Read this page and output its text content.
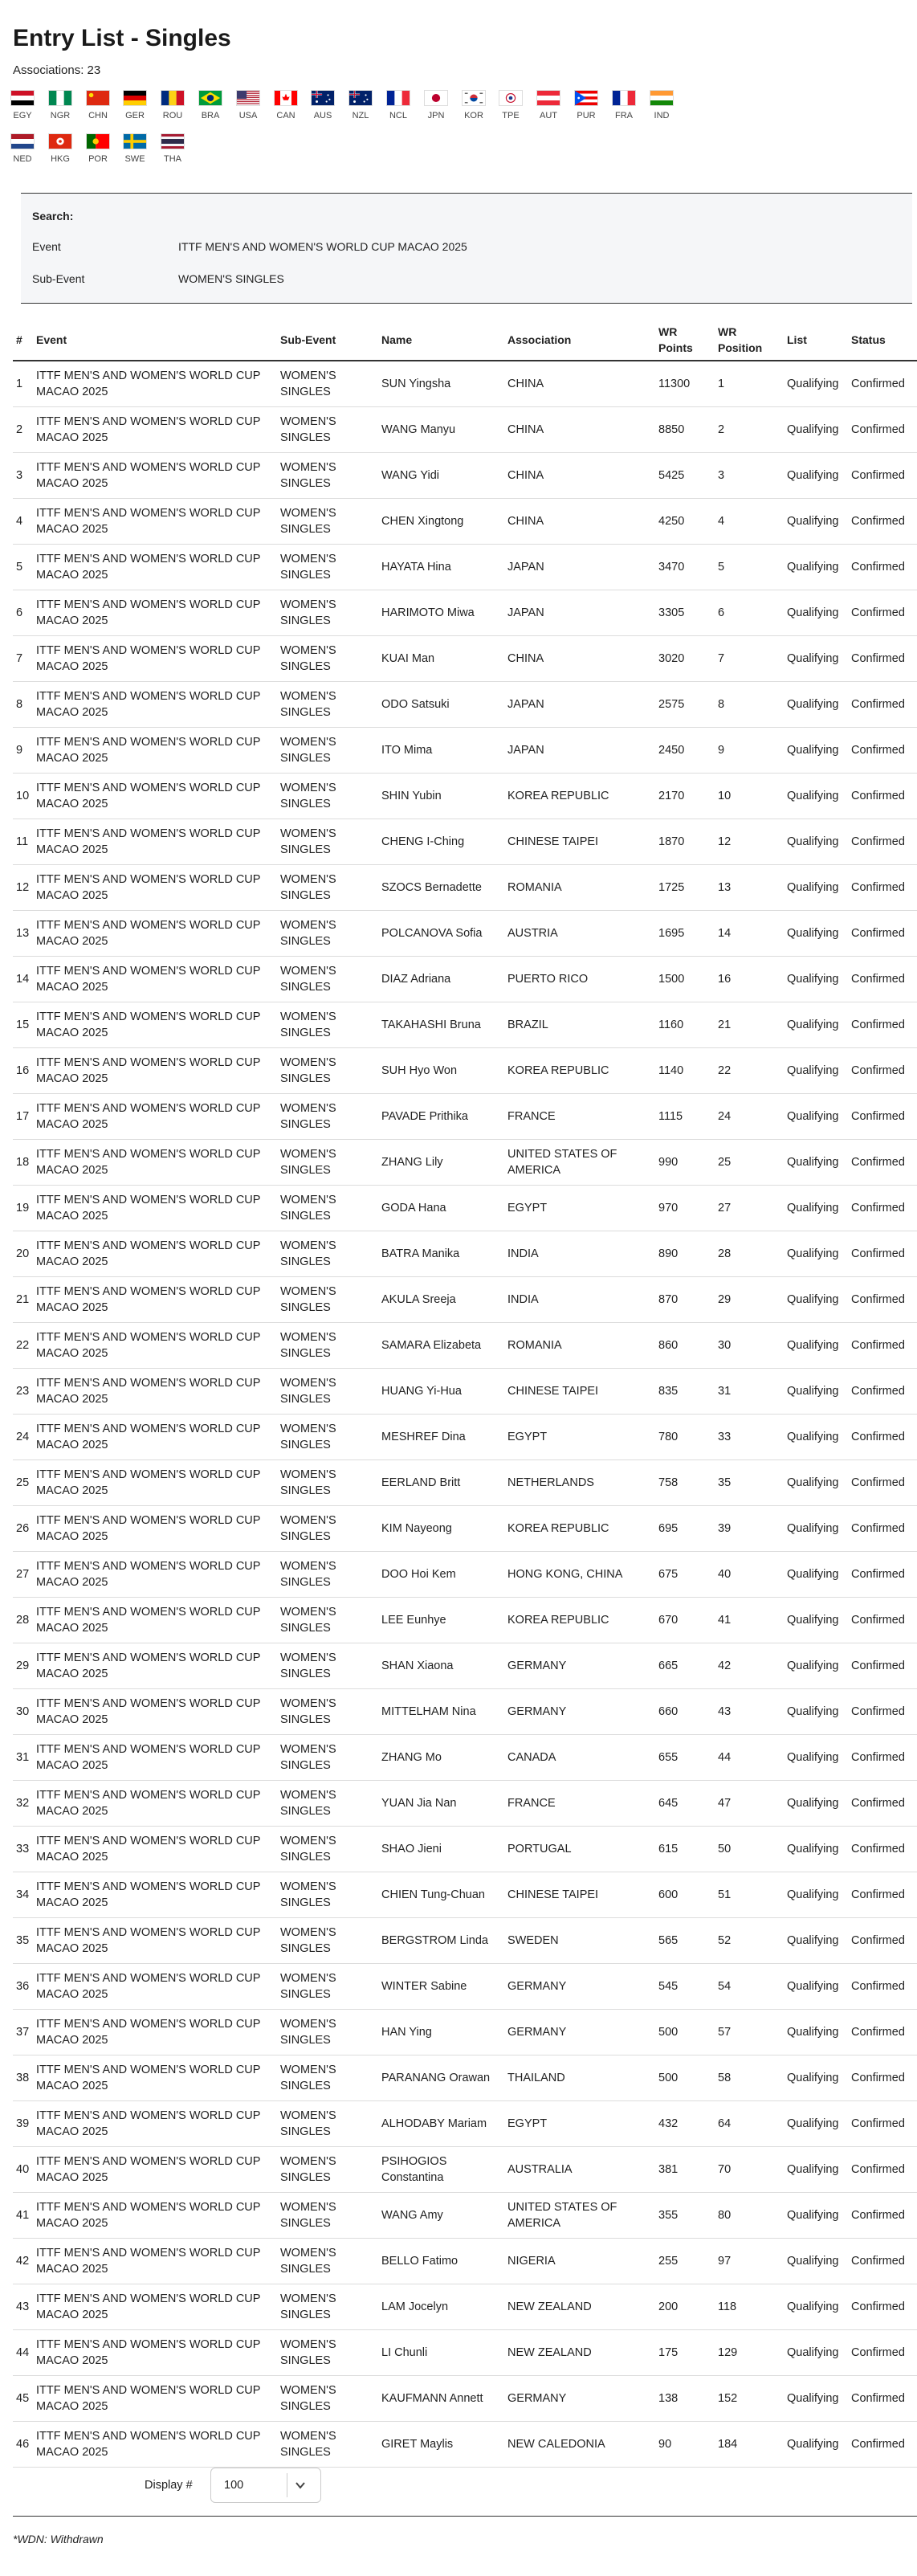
Entry List - Singles
Associations: 23
EGY	NGR	CHN	GER	ROU	BRA	USA	CAN	AUS	NZL	NCL	JPN	KOR	TPE	AUT	PUR	FRA	IND
NED	HKG	POR	SWE	THA
Search:
Event	ITTF MEN'S AND WOMEN'S WORLD CUP MACAO 2025
Sub-Event	WOMEN'S SINGLES
#	Event	Sub-Event	Name	Association	WR Points	WR Position	List	Status
1	ITTF MEN'S AND WOMEN'S WORLD CUP MACAO 2025	WOMEN'S SINGLES	SUN Yingsha	CHINA	11300	1	Qualifying	Confirmed
2	ITTF MEN'S AND WOMEN'S WORLD CUP MACAO 2025	WOMEN'S SINGLES	WANG Manyu	CHINA	8850	2	Qualifying	Confirmed
3	ITTF MEN'S AND WOMEN'S WORLD CUP MACAO 2025	WOMEN'S SINGLES	WANG Yidi	CHINA	5425	3	Qualifying	Confirmed
4	ITTF MEN'S AND WOMEN'S WORLD CUP MACAO 2025	WOMEN'S SINGLES	CHEN Xingtong	CHINA	4250	4	Qualifying	Confirmed
5	ITTF MEN'S AND WOMEN'S WORLD CUP MACAO 2025	WOMEN'S SINGLES	HAYATA Hina	JAPAN	3470	5	Qualifying	Confirmed
6	ITTF MEN'S AND WOMEN'S WORLD CUP MACAO 2025	WOMEN'S SINGLES	HARIMOTO Miwa	JAPAN	3305	6	Qualifying	Confirmed
7	ITTF MEN'S AND WOMEN'S WORLD CUP MACAO 2025	WOMEN'S SINGLES	KUAI Man	CHINA	3020	7	Qualifying	Confirmed
8	ITTF MEN'S AND WOMEN'S WORLD CUP MACAO 2025	WOMEN'S SINGLES	ODO Satsuki	JAPAN	2575	8	Qualifying	Confirmed
9	ITTF MEN'S AND WOMEN'S WORLD CUP MACAO 2025	WOMEN'S SINGLES	ITO Mima	JAPAN	2450	9	Qualifying	Confirmed
10	ITTF MEN'S AND WOMEN'S WORLD CUP MACAO 2025	WOMEN'S SINGLES	SHIN Yubin	KOREA REPUBLIC	2170	10	Qualifying	Confirmed
11	ITTF MEN'S AND WOMEN'S WORLD CUP MACAO 2025	WOMEN'S SINGLES	CHENG I-Ching	CHINESE TAIPEI	1870	12	Qualifying	Confirmed
12	ITTF MEN'S AND WOMEN'S WORLD CUP MACAO 2025	WOMEN'S SINGLES	SZOCS Bernadette	ROMANIA	1725	13	Qualifying	Confirmed
13	ITTF MEN'S AND WOMEN'S WORLD CUP MACAO 2025	WOMEN'S SINGLES	POLCANOVA Sofia	AUSTRIA	1695	14	Qualifying	Confirmed
14	ITTF MEN'S AND WOMEN'S WORLD CUP MACAO 2025	WOMEN'S SINGLES	DIAZ Adriana	PUERTO RICO	1500	16	Qualifying	Confirmed
15	ITTF MEN'S AND WOMEN'S WORLD CUP MACAO 2025	WOMEN'S SINGLES	TAKAHASHI Bruna	BRAZIL	1160	21	Qualifying	Confirmed
16	ITTF MEN'S AND WOMEN'S WORLD CUP MACAO 2025	WOMEN'S SINGLES	SUH Hyo Won	KOREA REPUBLIC	1140	22	Qualifying	Confirmed
17	ITTF MEN'S AND WOMEN'S WORLD CUP MACAO 2025	WOMEN'S SINGLES	PAVADE Prithika	FRANCE	1115	24	Qualifying	Confirmed
18	ITTF MEN'S AND WOMEN'S WORLD CUP MACAO 2025	WOMEN'S SINGLES	ZHANG Lily	UNITED STATES OF AMERICA	990	25	Qualifying	Confirmed
19	ITTF MEN'S AND WOMEN'S WORLD CUP MACAO 2025	WOMEN'S SINGLES	GODA Hana	EGYPT	970	27	Qualifying	Confirmed
20	ITTF MEN'S AND WOMEN'S WORLD CUP MACAO 2025	WOMEN'S SINGLES	BATRA Manika	INDIA	890	28	Qualifying	Confirmed
21	ITTF MEN'S AND WOMEN'S WORLD CUP MACAO 2025	WOMEN'S SINGLES	AKULA Sreeja	INDIA	870	29	Qualifying	Confirmed
22	ITTF MEN'S AND WOMEN'S WORLD CUP MACAO 2025	WOMEN'S SINGLES	SAMARA Elizabeta	ROMANIA	860	30	Qualifying	Confirmed
23	ITTF MEN'S AND WOMEN'S WORLD CUP MACAO 2025	WOMEN'S SINGLES	HUANG Yi-Hua	CHINESE TAIPEI	835	31	Qualifying	Confirmed
24	ITTF MEN'S AND WOMEN'S WORLD CUP MACAO 2025	WOMEN'S SINGLES	MESHREF Dina	EGYPT	780	33	Qualifying	Confirmed
25	ITTF MEN'S AND WOMEN'S WORLD CUP MACAO 2025	WOMEN'S SINGLES	EERLAND Britt	NETHERLANDS	758	35	Qualifying	Confirmed
26	ITTF MEN'S AND WOMEN'S WORLD CUP MACAO 2025	WOMEN'S SINGLES	KIM Nayeong	KOREA REPUBLIC	695	39	Qualifying	Confirmed
27	ITTF MEN'S AND WOMEN'S WORLD CUP MACAO 2025	WOMEN'S SINGLES	DOO Hoi Kem	HONG KONG, CHINA	675	40	Qualifying	Confirmed
28	ITTF MEN'S AND WOMEN'S WORLD CUP MACAO 2025	WOMEN'S SINGLES	LEE Eunhye	KOREA REPUBLIC	670	41	Qualifying	Confirmed
29	ITTF MEN'S AND WOMEN'S WORLD CUP MACAO 2025	WOMEN'S SINGLES	SHAN Xiaona	GERMANY	665	42	Qualifying	Confirmed
30	ITTF MEN'S AND WOMEN'S WORLD CUP MACAO 2025	WOMEN'S SINGLES	MITTELHAM Nina	GERMANY	660	43	Qualifying	Confirmed
31	ITTF MEN'S AND WOMEN'S WORLD CUP MACAO 2025	WOMEN'S SINGLES	ZHANG Mo	CANADA	655	44	Qualifying	Confirmed
32	ITTF MEN'S AND WOMEN'S WORLD CUP MACAO 2025	WOMEN'S SINGLES	YUAN Jia Nan	FRANCE	645	47	Qualifying	Confirmed
33	ITTF MEN'S AND WOMEN'S WORLD CUP MACAO 2025	WOMEN'S SINGLES	SHAO Jieni	PORTUGAL	615	50	Qualifying	Confirmed
34	ITTF MEN'S AND WOMEN'S WORLD CUP MACAO 2025	WOMEN'S SINGLES	CHIEN Tung-Chuan	CHINESE TAIPEI	600	51	Qualifying	Confirmed
35	ITTF MEN'S AND WOMEN'S WORLD CUP MACAO 2025	WOMEN'S SINGLES	BERGSTROM Linda	SWEDEN	565	52	Qualifying	Confirmed
36	ITTF MEN'S AND WOMEN'S WORLD CUP MACAO 2025	WOMEN'S SINGLES	WINTER Sabine	GERMANY	545	54	Qualifying	Confirmed
37	ITTF MEN'S AND WOMEN'S WORLD CUP MACAO 2025	WOMEN'S SINGLES	HAN Ying	GERMANY	500	57	Qualifying	Confirmed
38	ITTF MEN'S AND WOMEN'S WORLD CUP MACAO 2025	WOMEN'S SINGLES	PARANANG Orawan	THAILAND	500	58	Qualifying	Confirmed
39	ITTF MEN'S AND WOMEN'S WORLD CUP MACAO 2025	WOMEN'S SINGLES	ALHODABY Mariam	EGYPT	432	64	Qualifying	Confirmed
40	ITTF MEN'S AND WOMEN'S WORLD CUP MACAO 2025	WOMEN'S SINGLES	PSIHOGIOS Constantina	AUSTRALIA	381	70	Qualifying	Confirmed
41	ITTF MEN'S AND WOMEN'S WORLD CUP MACAO 2025	WOMEN'S SINGLES	WANG Amy	UNITED STATES OF AMERICA	355	80	Qualifying	Confirmed
42	ITTF MEN'S AND WOMEN'S WORLD CUP MACAO 2025	WOMEN'S SINGLES	BELLO Fatimo	NIGERIA	255	97	Qualifying	Confirmed
43	ITTF MEN'S AND WOMEN'S WORLD CUP MACAO 2025	WOMEN'S SINGLES	LAM Jocelyn	NEW ZEALAND	200	118	Qualifying	Confirmed
44	ITTF MEN'S AND WOMEN'S WORLD CUP MACAO 2025	WOMEN'S SINGLES	LI Chunli	NEW ZEALAND	175	129	Qualifying	Confirmed
45	ITTF MEN'S AND WOMEN'S WORLD CUP MACAO 2025	WOMEN'S SINGLES	KAUFMANN Annett	GERMANY	138	152	Qualifying	Confirmed
46	ITTF MEN'S AND WOMEN'S WORLD CUP MACAO 2025	WOMEN'S SINGLES	GIRET Maylis	NEW CALEDONIA	90	184	Qualifying	Confirmed
Display #	100
*WDN: Withdrawn
